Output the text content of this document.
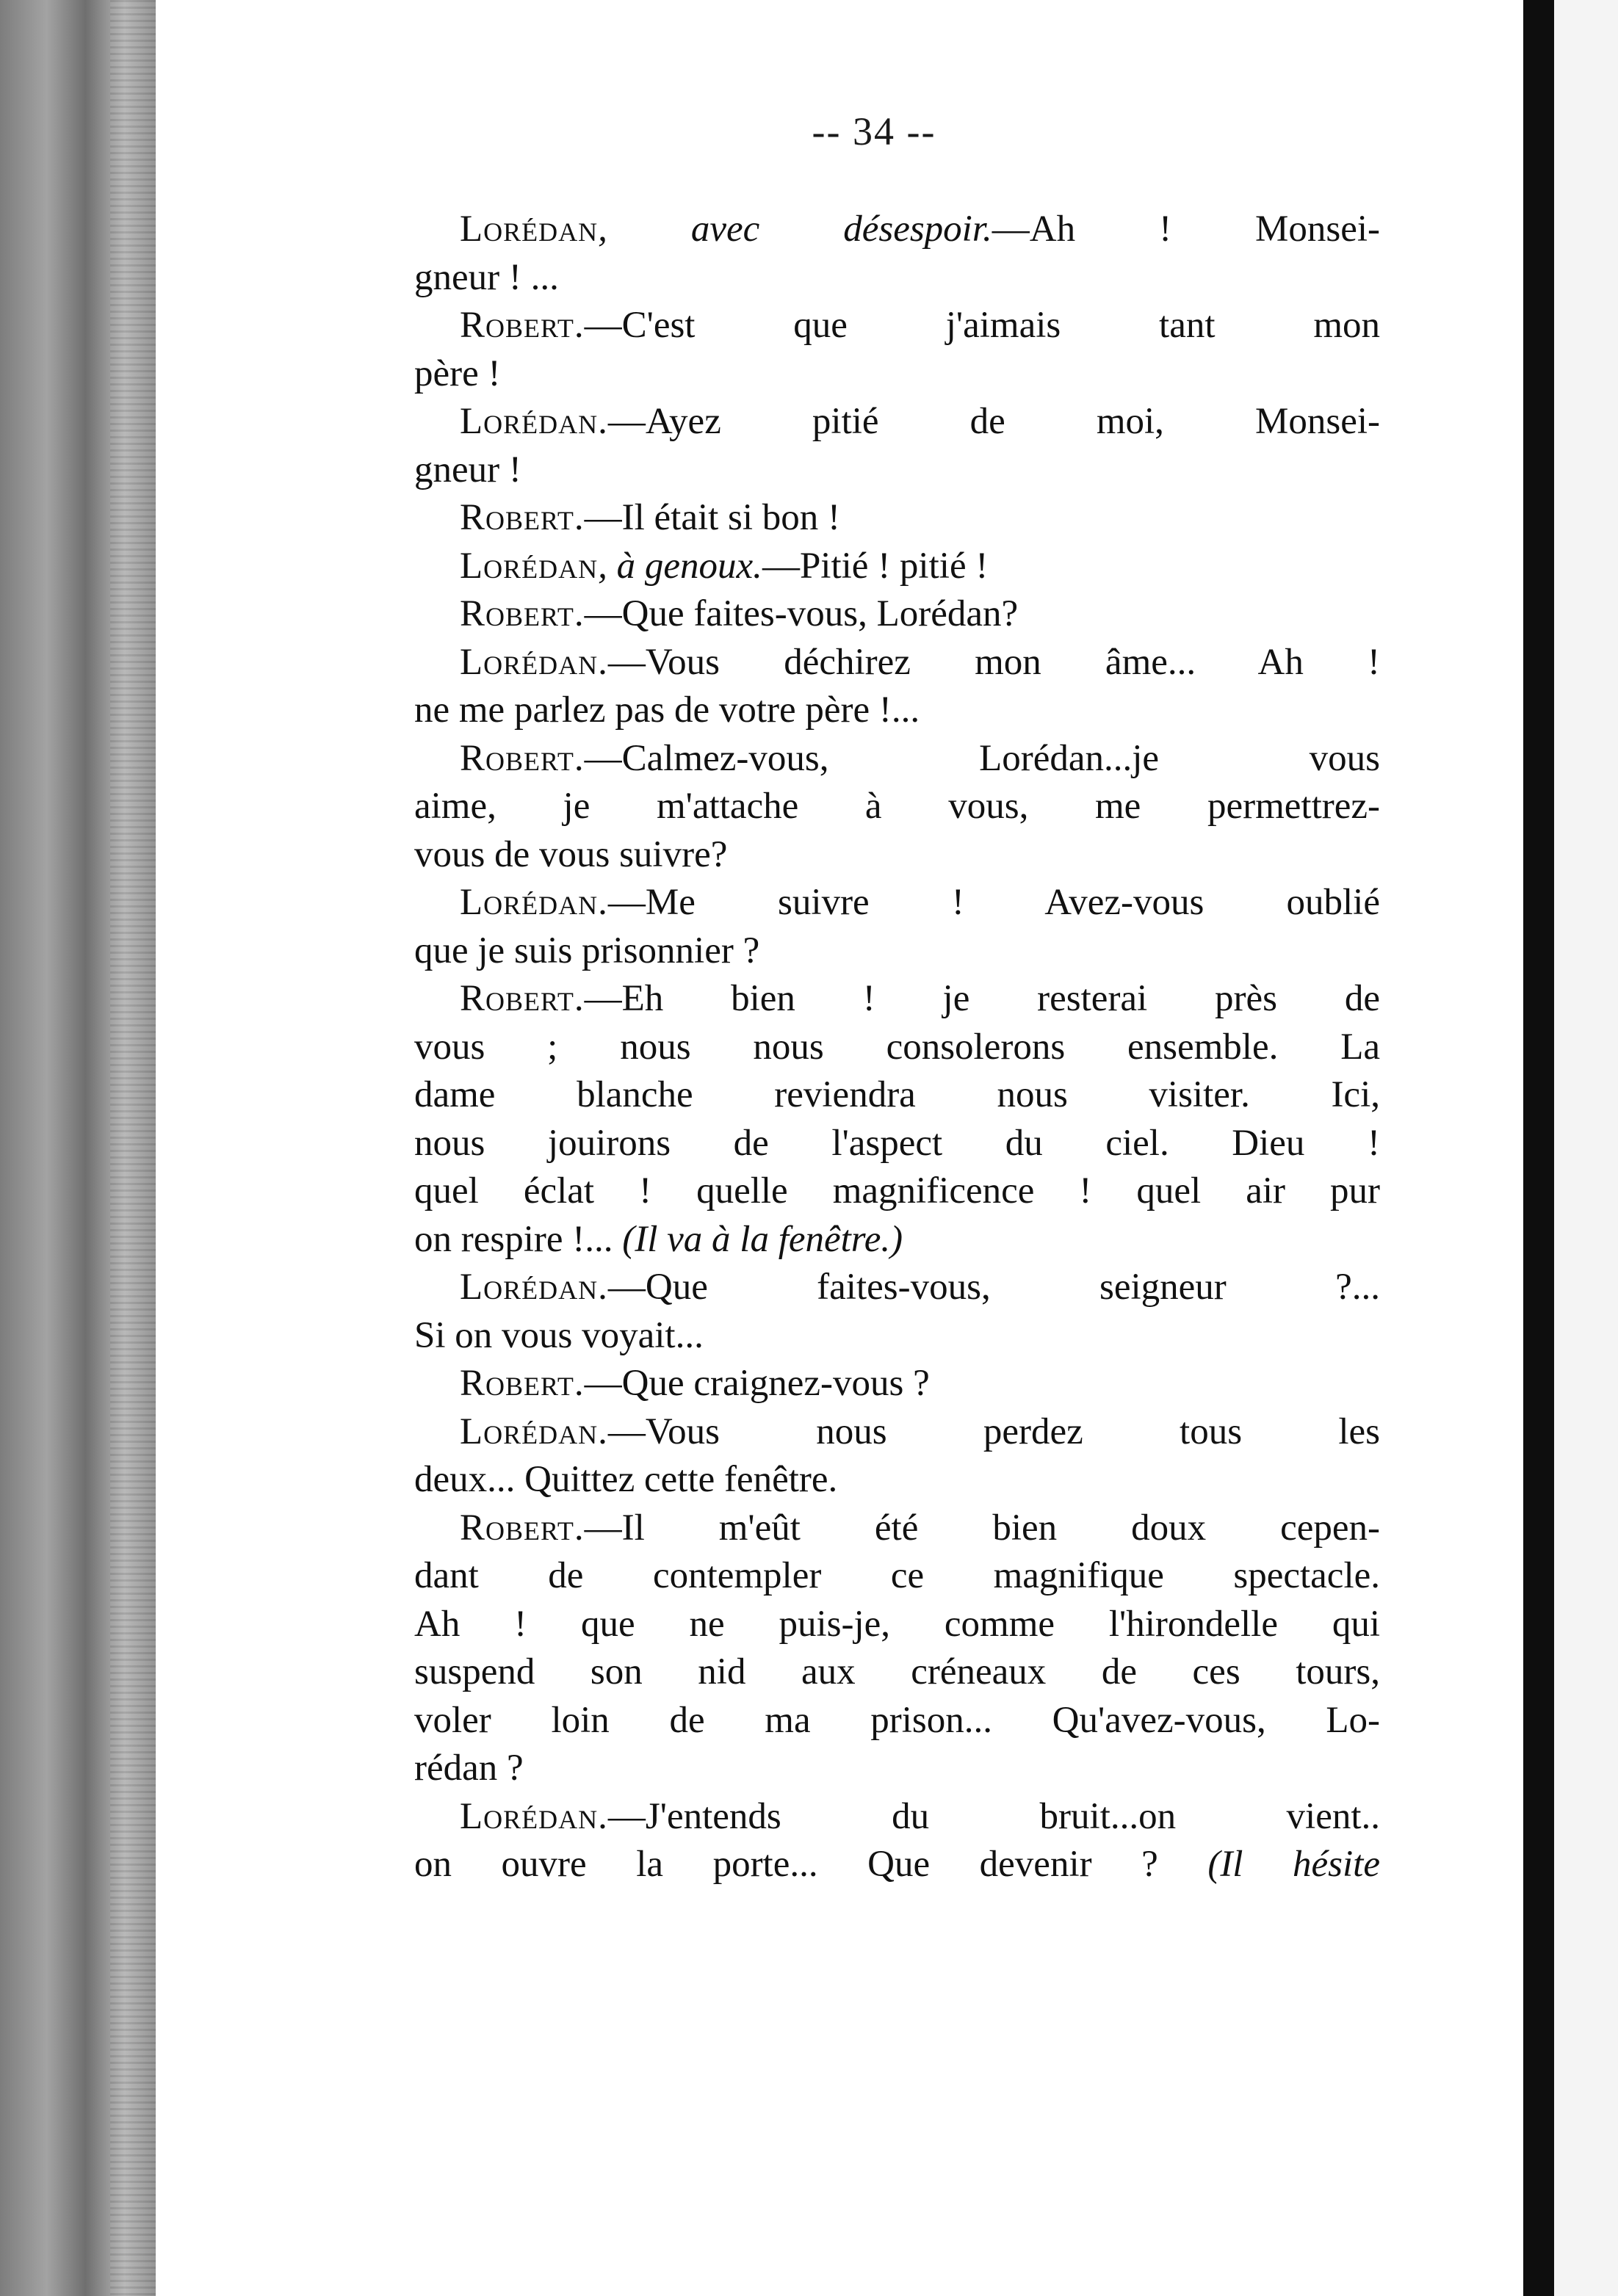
-- 34 --
Lorédan, avec désespoir.—Ah ! Monsei-
gneur ! ...
Robert.—C'est que j'aimais tant mon
père !
Lorédan.—Ayez pitié de moi, Monsei-
gneur !
Robert.—Il était si bon !
Lorédan, à genoux.—Pitié ! pitié !
Robert.—Que faites-vous, Lorédan?
Lorédan.—Vous déchirez mon âme... Ah !
ne me parlez pas de votre père !...
Robert.—Calmez-vous, Lorédan...je vous
aime, je m'attache à vous, me permettrez-
vous de vous suivre?
Lorédan.—Me suivre ! Avez-vous oublié
que je suis prisonnier ?
Robert.—Eh bien ! je resterai près de
vous ; nous nous consolerons ensemble. La
dame blanche reviendra nous visiter. Ici,
nous jouirons de l'aspect du ciel. Dieu !
quel éclat ! quelle magnificence ! quel air pur
on respire !... (Il va à la fenêtre.)
Lorédan.—Que faites-vous, seigneur ?...
Si on vous voyait...
Robert.—Que craignez-vous ?
Lorédan.—Vous nous perdez tous les
deux... Quittez cette fenêtre.
Robert.—Il m'eût été bien doux cepen-
dant de contempler ce magnifique spectacle.
Ah ! que ne puis-je, comme l'hirondelle qui
suspend son nid aux créneaux de ces tours,
voler loin de ma prison... Qu'avez-vous, Lo-
rédan ?
Lorédan.—J'entends du bruit...on vient..
on ouvre la porte... Que devenir ? (Il hésite
